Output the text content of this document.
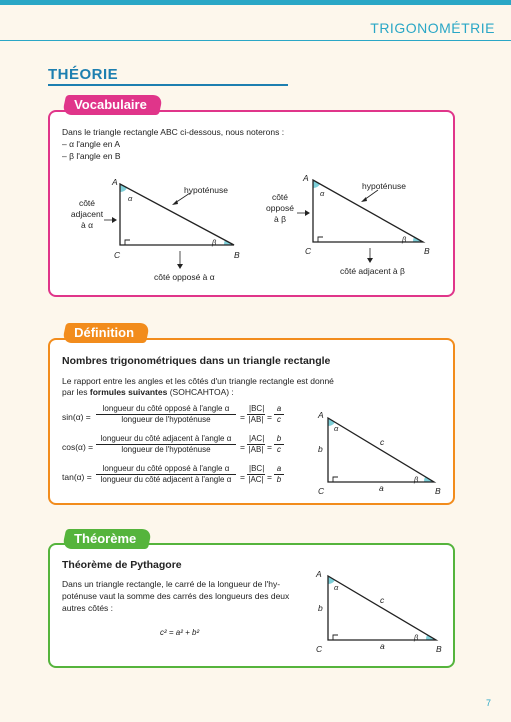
TRIGONOMÉTRIE
THÉORIE
Dans le triangle rectangle ABC ci-dessous, nous noterons :
– α l'angle en A
– β l'angle en B
A
α
β
C	B
hypoténuse
côté
adjacent
à α
côté opposé à α
A
α
β
C	B
hypoténuse
côté
opposé
à β
côté adjacent à β
Vocabulaire
Nombres trigonométriques dans un triangle rectangle
Le rapport entre les angles et les côtés d'un triangle rectangle est donné
par les formules suivantes (SOHCAHTOA) :
sin(α) =
longueur du côté opposé à l'angle α
longueur de l'hypoténuse	= $\frac{|BC|}{|AB|} = \frac{a}{c}$
cos(α) =
longueur du côté adjacent à l'angle α
longueur de l'hypoténuse	= $\frac{|AC|}{|AB|} = \frac{b}{c}$
tan(α) =
longueur du côté opposé à l'angle α
longueur du côté adjacent à l'angle α	= $\frac{|BC|}{|AC|} = \frac{a}{b}$
A
α
β
C	B
b
c
a
Définition
Théorème de Pythagore
Dans un triangle rectangle, le carré de la longueur de l'hy-
poténuse vaut la somme des carrés des longueurs des deux
autres côtés :
c² = a² + b²
A
α
β
C	B
b
c
a
Théorème
7
